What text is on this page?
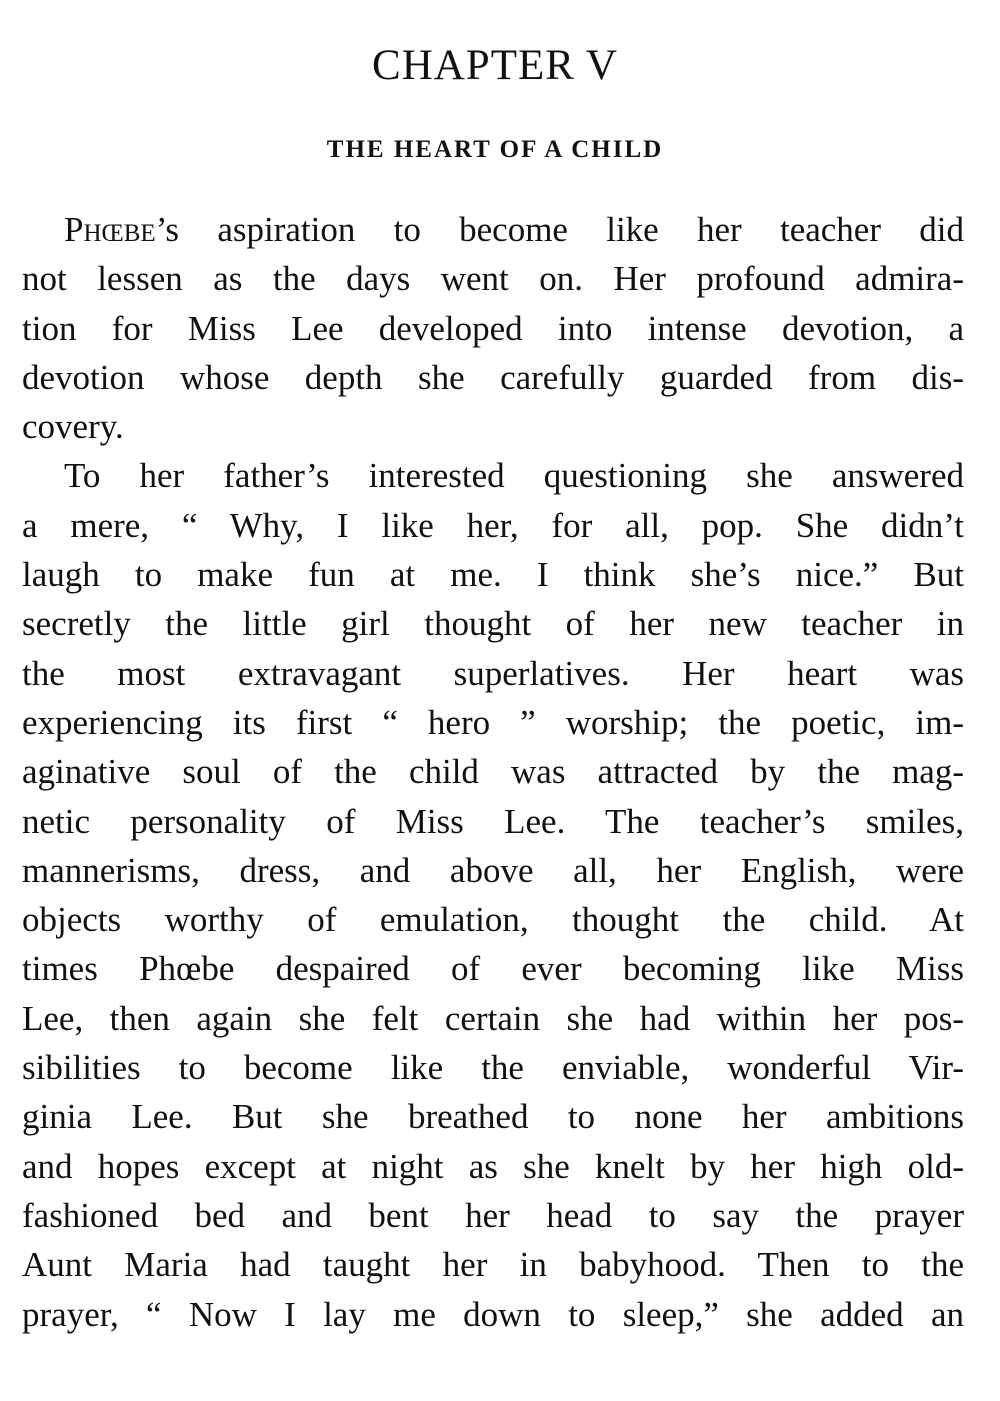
CHAPTER V
THE HEART OF A CHILD
Phœbe’s aspiration to become like her teacher did
not lessen as the days went on. Her profound admira-
tion for Miss Lee developed into intense devotion, a
devotion whose depth she carefully guarded from dis-
covery.
To her father’s interested questioning she answered
a mere, “ Why, I like her, for all, pop. She didn’t
laugh to make fun at me. I think she’s nice.” But
secretly the little girl thought of her new teacher in
the most extravagant superlatives. Her heart was
experiencing its first “ hero ” worship; the poetic, im-
aginative soul of the child was attracted by the mag-
netic personality of Miss Lee. The teacher’s smiles,
mannerisms, dress, and above all, her English, were
objects worthy of emulation, thought the child. At
times Phœbe despaired of ever becoming like Miss
Lee, then again she felt certain she had within her pos-
sibilities to become like the enviable, wonderful Vir-
ginia Lee. But she breathed to none her ambitions
and hopes except at night as she knelt by her high old-
fashioned bed and bent her head to say the prayer
Aunt Maria had taught her in babyhood. Then to the
prayer, “ Now I lay me down to sleep,” she added an
